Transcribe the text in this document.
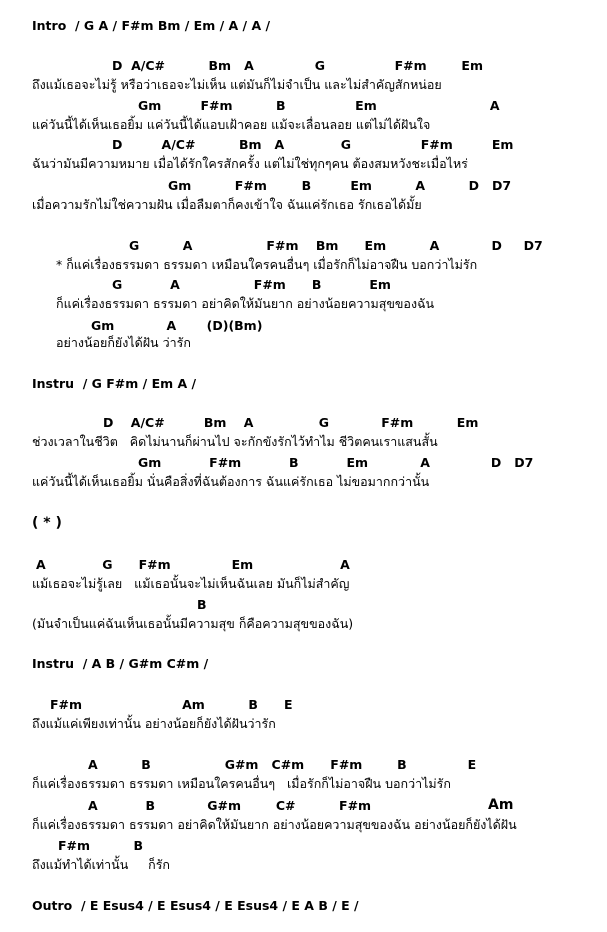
Intro  / G A / F#m Bm / Em / A / A /
D  A/C#          Bm   A              G                F#m        Em
ถึงแม้เธอจะไม่รู้ หรือว่าเธอจะไม่เห็น แต่มันก็ไม่จำเป็น และไม่สำคัญสักหน่อย
Gm         F#m          B                Em                          A
แค่วันนี้ได้เห็นเธอยิ้ม แค่วันนี้ได้แอบเฝ้าคอย แม้จะเลื่อนลอย แต่ไม่ได้ฝันใจ
D         A/C#          Bm   A             G                F#m         Em
ฉันว่ามันมีความหมาย เมื่อได้รักใครสักครั้ง แต่ไม่ใช่ทุกๆคน ต้องสมหวังชะเมื่อไหร่
Gm          F#m        B         Em          A          D   D7
เมื่อความรักไม่ใช่ความฝัน เมื่อลืมตาก็คงเข้าใจ ฉันแค่รักเธอ รักเธอได้มั้ย
G          A                 F#m    Bm      Em          A            D     D7
* ก็แค่เรื่องธรรมดา ธรรมดา เหมือนใครคนอื่นๆ เมื่อรักก็ไม่อาจฝืน บอกว่าไม่รัก
G           A                 F#m      B           Em
ก็แค่เรื่องธรรมดา ธรรมดา อย่าคิดให้มันยาก อย่างน้อยความสุขของฉัน
Gm            A       (D)(Bm)
อย่างน้อยก็ยังได้ฝัน ว่ารัก
Instru  / G F#m / Em A /
D    A/C#         Bm    A               G            F#m          Em
ช่วงเวลาในชีวิต   คิดไม่นานก็ผ่านไป จะกักขังรักไว้ทำไม ชีวิตคนเราแสนสั้น
Gm           F#m           B           Em            A              D   D7
แค่วันนี้ได้เห็นเธอยิ้ม นั่นคือสิ่งที่ฉันต้องการ ฉันแค่รักเธอ ไม่ขอมากกว่านั้น
( * )
A             G      F#m              Em                    A
แม้เธอจะไม่รู้เลย   แม้เธอนั้นจะไม่เห็นฉันเลย มันก็ไม่สำคัญ
B
(มันจำเป็นแค่ฉันเห็นเธอนั้นมีความสุข ก็คือความสุขของฉัน)
Instru  / A B / G#m C#m /
F#m                       Am          B      E
ถึงแม้แค่เพียงเท่านั้น อย่างน้อยก็ยังได้ฝันว่ารัก
A          B                 G#m   C#m      F#m        B              E
ก็แค่เรื่องธรรมดา ธรรมดา เหมือนใครคนอื่นๆ   เมื่อรักก็ไม่อาจฝืน บอกว่าไม่รัก
A           B            G#m        C#          F#m	Am
ก็แค่เรื่องธรรมดา ธรรมดา อย่าคิดให้มันยาก อย่างน้อยความสุขของฉัน อย่างน้อยก็ยังได้ฝัน
F#m          B
ถึงแม้ทำได้เท่านั้น     ก็รัก
Outro  / E Esus4 / E Esus4 / E Esus4 / E A B / E /
